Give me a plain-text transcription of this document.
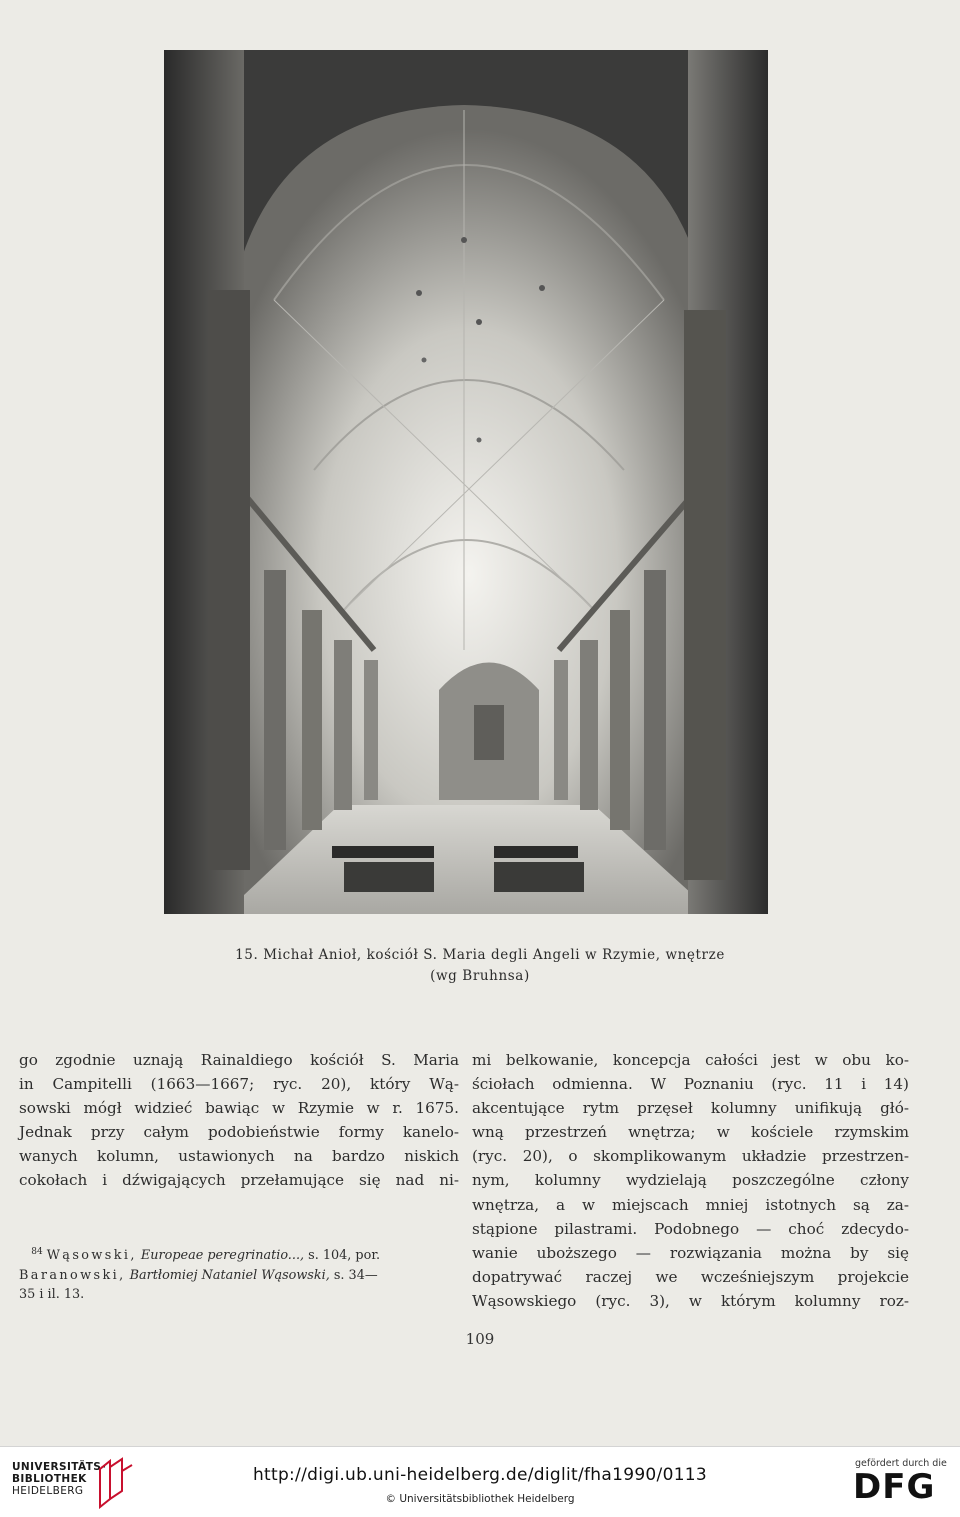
15. Michał Anioł, kościół S. Maria degli Angeli w Rzymie, wnętrze
(wg Bruhnsa)
go zgodnie uznają Rainaldiego kościół S. Maria
in Campitelli (1663—1667; ryc. 20), który Wą-
sowski mógł widzieć bawiąc w Rzymie w r. 1675.
Jednak przy całym podobieństwie formy kanelo-
wanych kolumn, ustawionych na bardzo niskich
cokołach i dźwigających przełamujące się nad ni-
$^{84}$ Wąsowski, Europeae peregrinatio..., s. 104, por.
Baranowski, Bartłomiej Nataniel Wąsowski, s. 34—
35 i il. 13.
mi belkowanie, koncepcja całości jest w obu ko-
ściołach odmienna. W Poznaniu (ryc. 11 i 14)
akcentujące rytm przęseł kolumny unifikują głó-
wną przestrzeń wnętrza; w kościele rzymskim
(ryc. 20), o skomplikowanym układzie przestrzen-
nym, kolumny wydzielają poszczególne człony
wnętrza, a w miejscach mniej istotnych są za-
stąpione pilastrami. Podobnego — choć zdecydo-
wanie uboższego — rozwiązania można by się
dopatrywać raczej we wcześniejszym projekcie
Wąsowskiego (ryc. 3), w którym kolumny roz-
109
UNIVERSITÄTS-
BIBLIOTHEK
HEIDELBERG
http://digi.ub.uni-heidelberg.de/diglit/fha1990/0113
© Universitätsbibliothek Heidelberg
gefördert durch die
DFG
